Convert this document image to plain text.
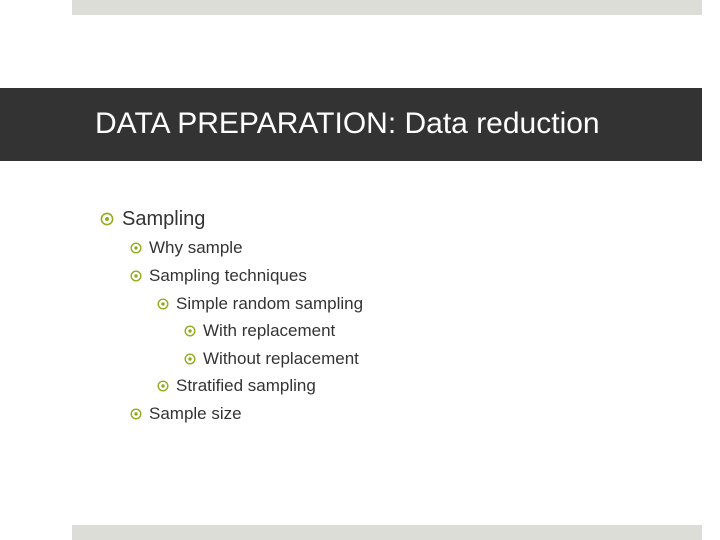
DATA PREPARATION: Data reduction
Sampling
Why sample
Sampling techniques
Simple random sampling
With replacement
Without replacement
Stratified sampling
Sample size
